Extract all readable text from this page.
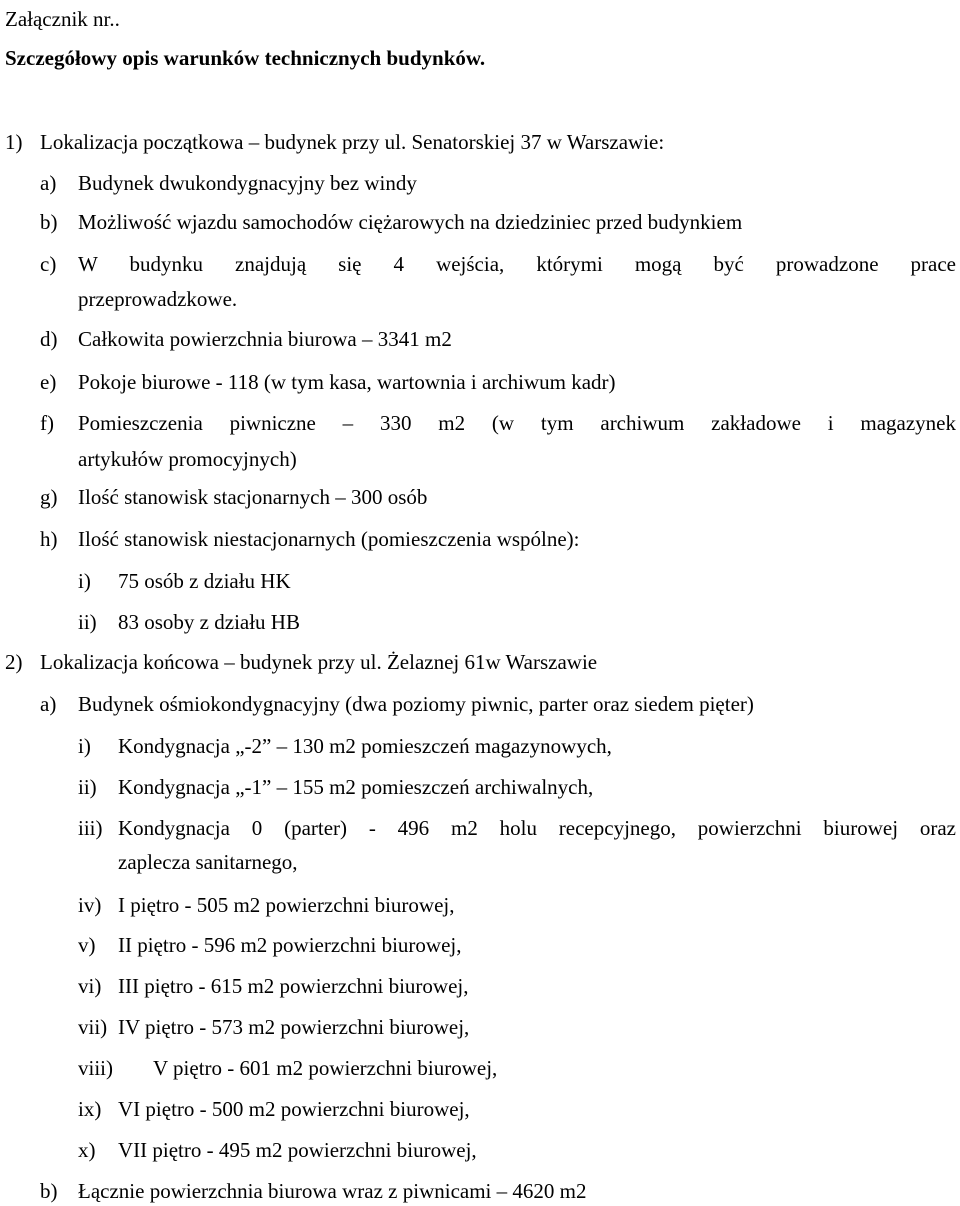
Załącznik nr..
Szczegółowy opis warunków technicznych budynków.
1) Lokalizacja początkowa – budynek przy ul. Senatorskiej 37 w Warszawie:
a) Budynek dwukondygnacyjny bez windy
b) Możliwość wjazdu samochodów ciężarowych na dziedziniec przed budynkiem
c) W budynku znajdują się 4 wejścia, którymi mogą być prowadzone prace
przeprowadzkowe.
d) Całkowita powierzchnia biurowa – 3341 m2
e) Pokoje biurowe - 118 (w tym kasa, wartownia i archiwum kadr)
f) Pomieszczenia piwniczne – 330 m2 (w tym archiwum zakładowe i magazynek
artykułów promocyjnych)
g) Ilość stanowisk stacjonarnych – 300 osób
h) Ilość stanowisk niestacjonarnych (pomieszczenia wspólne):
i) 75 osób z działu HK
ii) 83 osoby z działu HB
2) Lokalizacja końcowa – budynek przy ul. Żelaznej 61w Warszawie
a) Budynek ośmiokondygnacyjny (dwa poziomy piwnic, parter oraz siedem pięter)
i) Kondygnacja „-2” – 130 m2 pomieszczeń magazynowych,
ii) Kondygnacja „-1” – 155 m2 pomieszczeń archiwalnych,
iii) Kondygnacja 0 (parter) - 496 m2 holu recepcyjnego, powierzchni biurowej oraz
zaplecza sanitarnego,
iv) I piętro - 505 m2 powierzchni biurowej,
v) II piętro - 596 m2 powierzchni biurowej,
vi) III piętro - 615 m2 powierzchni biurowej,
vii) IV piętro - 573 m2 powierzchni biurowej,
viii) V piętro - 601 m2 powierzchni biurowej,
ix) VI piętro - 500 m2 powierzchni biurowej,
x) VII piętro - 495 m2 powierzchni biurowej,
b) Łącznie powierzchnia biurowa wraz z piwnicami – 4620 m2
